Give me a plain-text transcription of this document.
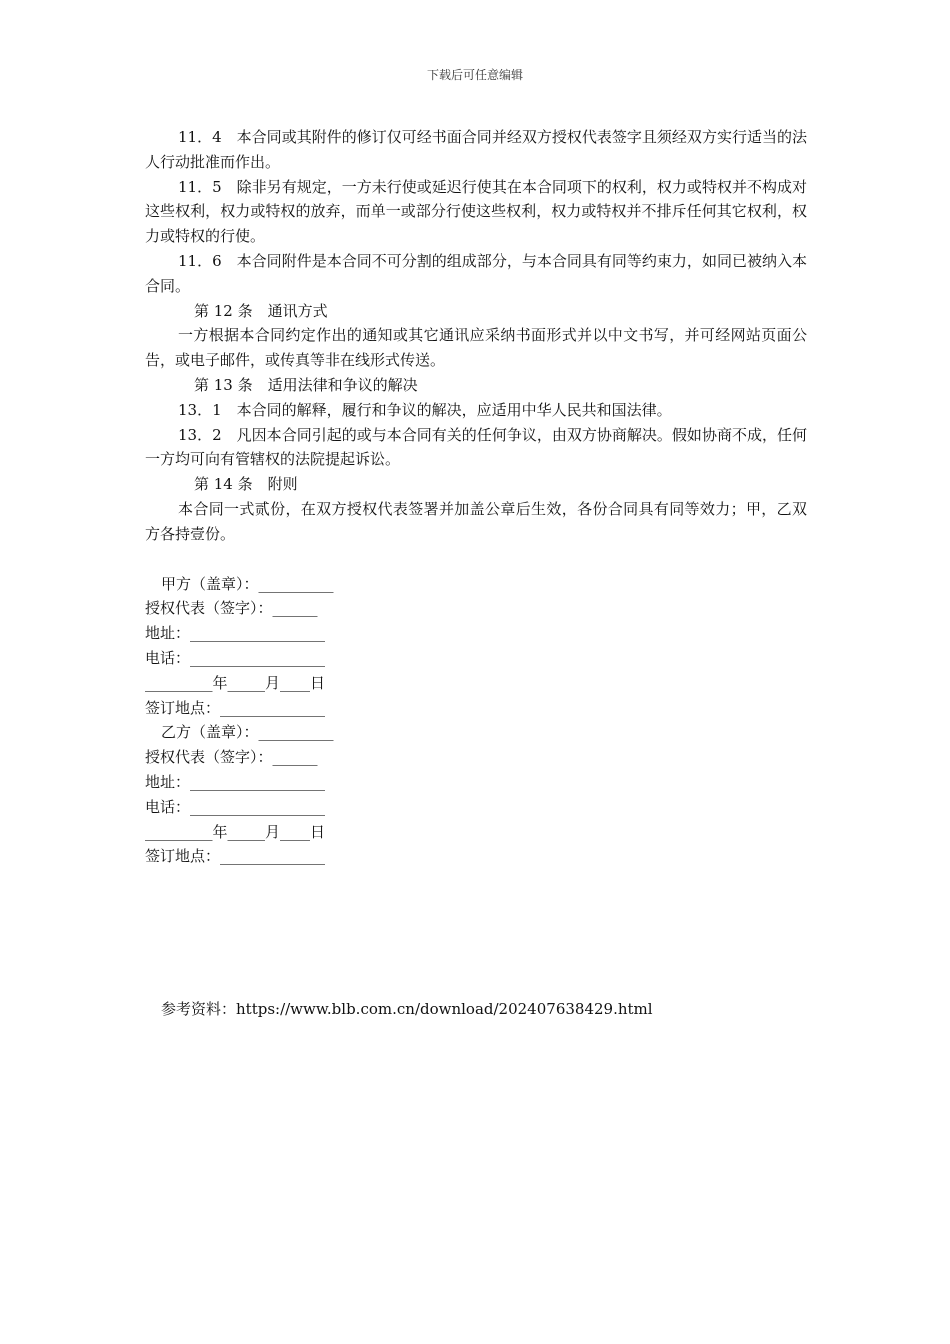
下载后可任意编辑

11．4　本合同或其附件的修订仅可经书面合同并经双方授权代表签字且须经双方实行适当的法人行动批准而作出。

11．5　除非另有规定，一方未行使或延迟行使其在本合同项下的权利，权力或特权并不构成对这些权利，权力或特权的放弃，而单一或部分行使这些权利，权力或特权并不排斥任何其它权利，权力或特权的行使。

11．6　本合同附件是本合同不可分割的组成部分，与本合同具有同等约束力，如同已被纳入本合同。

第 12 条　通讯方式

一方根据本合同约定作出的通知或其它通讯应采纳书面形式并以中文书写，并可经网站页面公告，或电子邮件，或传真等非在线形式传送。

第 13 条　适用法律和争议的解决

13．1　本合同的解释，履行和争议的解决，应适用中华人民共和国法律。

13．2　凡因本合同引起的或与本合同有关的任何争议，由双方协商解决。假如协商不成，任何一方均可向有管辖权的法院提起诉讼。

第 14 条　附则

本合同一式贰份，在双方授权代表签署并加盖公章后生效，各份合同具有同等效力；甲，乙双方各持壹份。

甲方（盖章）：__________

授权代表（签字）：______

地址：__________________

电话：__________________

_________年_____月____日

签订地点：______________

乙方（盖章）：__________

授权代表（签字）：______

地址：__________________

电话：__________________

_________年_____月____日

签订地点：______________

参考资料：https://www.blb.com.cn/download/202407638429.html
